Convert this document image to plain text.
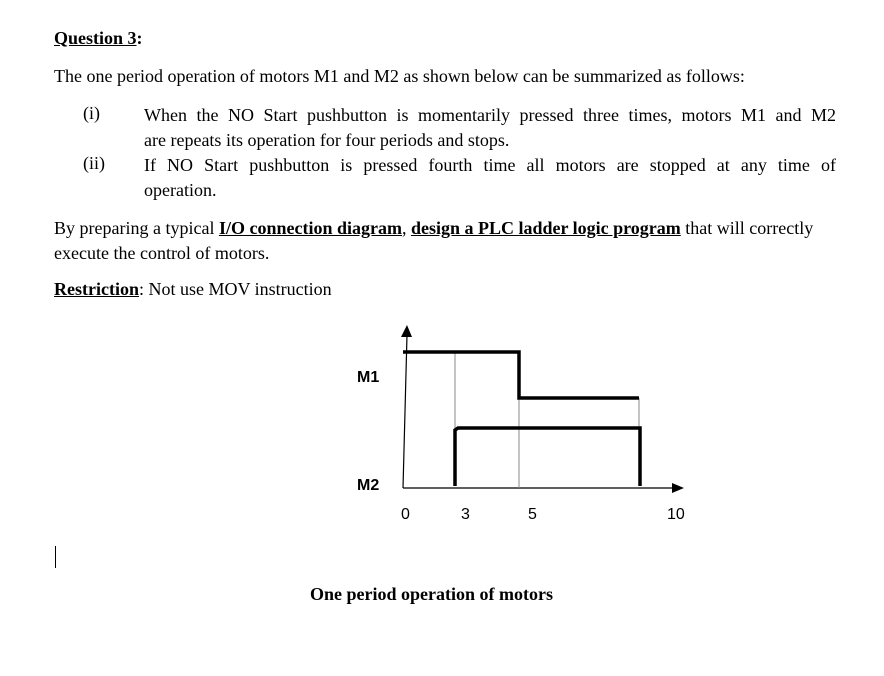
Question 3:
The one period operation of motors M1 and M2 as shown below can be summarized as follows:
(i) When the NO Start pushbutton is momentarily pressed three times, motors M1 and M2
are repeats its operation for four periods and stops.
(ii) If NO Start pushbutton is pressed fourth time all motors are stopped at any time of
operation.
By preparing a typical I/O connection diagram, design a PLC ladder logic program that will correctly execute the control of motors.
Restriction: Not use MOV instruction
M1
M2
0	3	5	10
One period operation of motors
